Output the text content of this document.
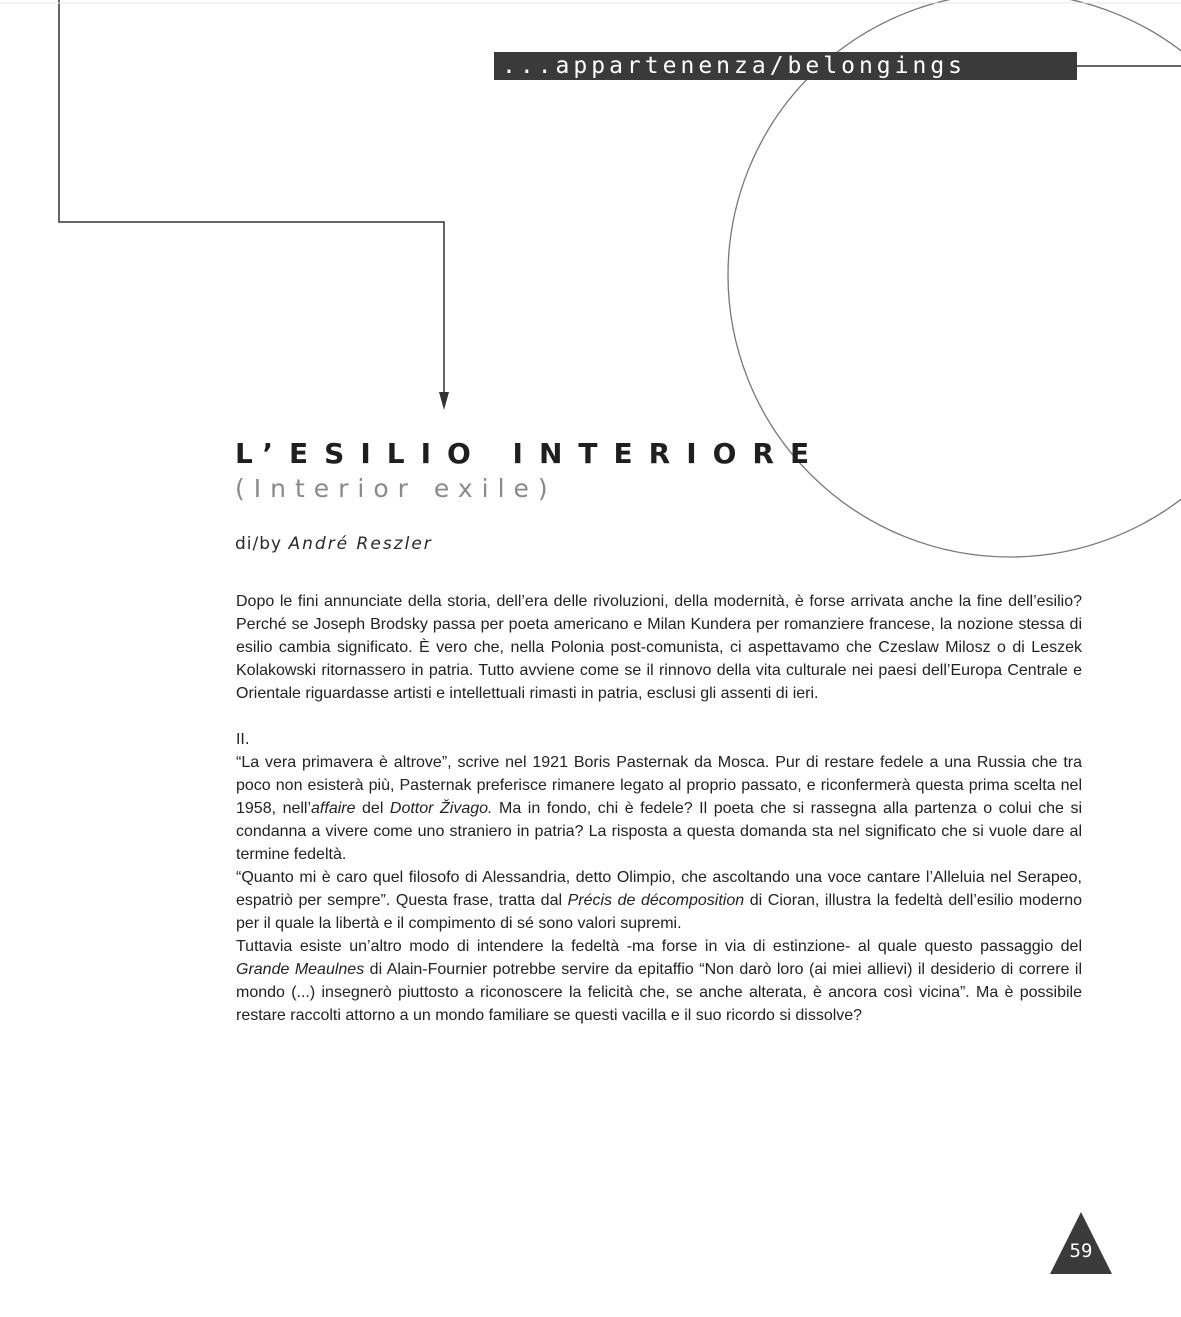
...appartenenza/belongings
L’ESILIO INTERIORE
(Interior exile)
di/by André Reszler

Dopo le fini annunciate della storia, dell’era delle rivoluzioni, della modernità, è forse arrivata anche la fine dell’esilio? Perché se Joseph Brodsky passa per poeta americano e Milan Kundera per romanziere francese, la nozione stessa di esilio cambia significato. È vero che, nella Polonia post-comunista, ci aspettavamo che Czeslaw Milosz o di Leszek Kolakowski ritornassero in patria. Tutto avviene come se il rinnovo della vita culturale nei paesi dell’Europa Centrale e Orientale riguardasse artisti e intellettuali rimasti in patria, esclusi gli assenti di ieri.

II.

“La vera primavera è altrove”, scrive nel 1921 Boris Pasternak da Mosca. Pur di restare fedele a una Russia che tra poco non esisterà più, Pasternak preferisce rimanere legato al proprio passato, e riconfermerà questa prima scelta nel 1958, nell’affaire del Dottor Živago. Ma in fondo, chi è fedele? Il poeta che si rassegna alla partenza o colui che si condanna a vivere come uno straniero in patria? La risposta a questa domanda sta nel significato che si vuole dare al termine fedeltà.

“Quanto mi è caro quel filosofo di Alessandria, detto Olimpio, che ascoltando una voce cantare l’Alleluia nel Serapeo, espatriò per sempre”. Questa frase, tratta dal Précis de décomposition di Cioran, illustra la fedeltà dell’esilio moderno per il quale la libertà e il compimento di sé sono valori supremi.

Tuttavia esiste un’altro modo di intendere la fedeltà -ma forse in via di estinzione- al quale questo passaggio del Grande Meaulnes di Alain-Fournier potrebbe servire da epitaffio “Non darò loro (ai miei allievi) il desiderio di correre il mondo (...) insegnerò piuttosto a riconoscere la felicità che, se anche alterata, è ancora così vicina”. Ma è possibile restare raccolti attorno a un mondo familiare se questi vacilla e il suo ricordo si dissolve?

59
